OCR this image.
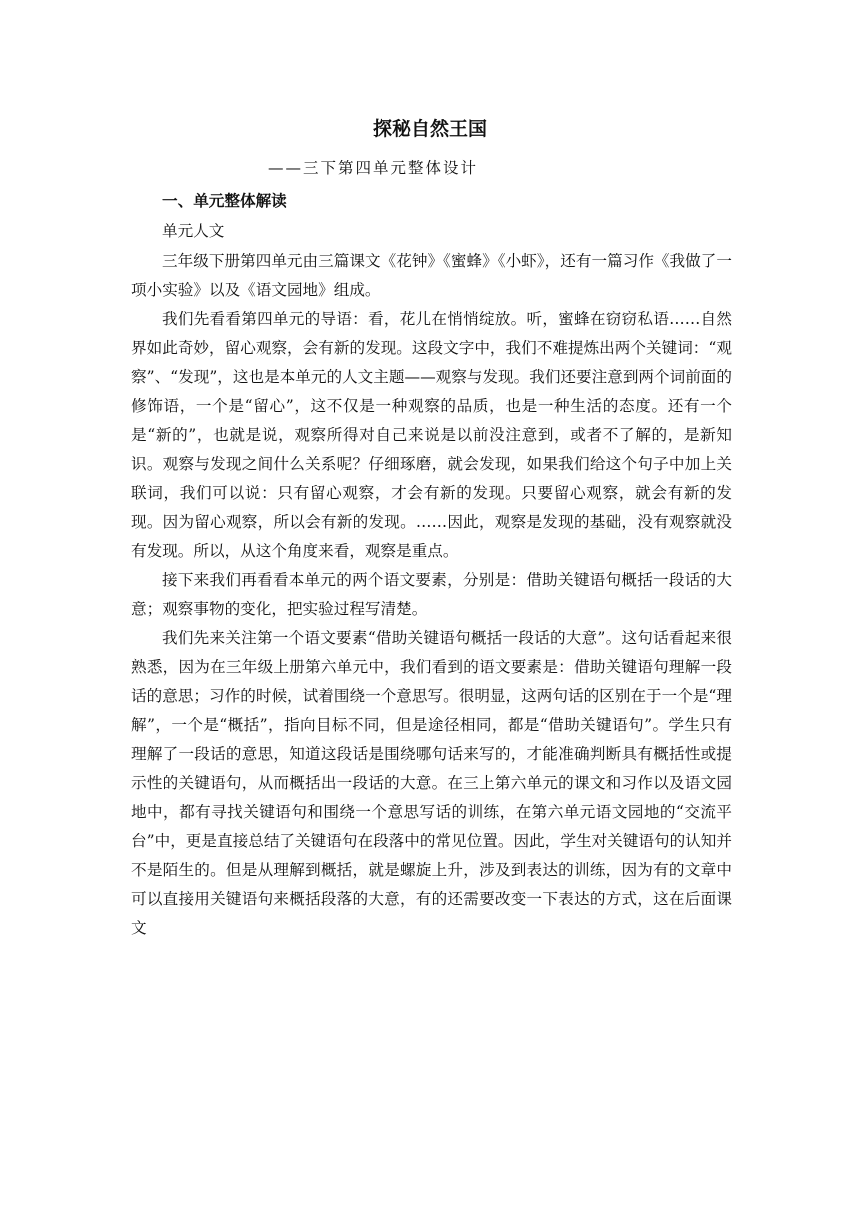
探秘自然王国
——三下第四单元整体设计
一、单元整体解读
单元人文

三年级下册第四单元由三篇课文《花钟》《蜜蜂》《小虾》，还有一篇习作《我做了一项小实验》以及《语文园地》组成。

我们先看看第四单元的导语：看，花儿在悄悄绽放。听，蜜蜂在窃窃私语……自然界如此奇妙，留心观察，会有新的发现。这段文字中，我们不难提炼出两个关键词：“观察”、“发现”，这也是本单元的人文主题——观察与发现。我们还要注意到两个词前面的修饰语，一个是“留心”，这不仅是一种观察的品质，也是一种生活的态度。还有一个是“新的”，也就是说，观察所得对自己来说是以前没注意到，或者不了解的，是新知识。观察与发现之间什么关系呢？仔细琢磨，就会发现，如果我们给这个句子中加上关联词，我们可以说：只有留心观察，才会有新的发现。只要留心观察，就会有新的发现。因为留心观察，所以会有新的发现。……因此，观察是发现的基础，没有观察就没有发现。所以，从这个角度来看，观察是重点。

接下来我们再看看本单元的两个语文要素，分别是：借助关键语句概括一段话的大意；观察事物的变化，把实验过程写清楚。

我们先来关注第一个语文要素“借助关键语句概括一段话的大意”。这句话看起来很熟悉，因为在三年级上册第六单元中，我们看到的语文要素是：借助关键语句理解一段话的意思；习作的时候，试着围绕一个意思写。很明显，这两句话的区别在于一个是“理解”，一个是“概括”，指向目标不同，但是途径相同，都是“借助关键语句”。学生只有理解了一段话的意思，知道这段话是围绕哪句话来写的，才能准确判断具有概括性或提示性的关键语句，从而概括出一段话的大意。在三上第六单元的课文和习作以及语文园地中，都有寻找关键语句和围绕一个意思写话的训练，在第六单元语文园地的“交流平台”中，更是直接总结了关键语句在段落中的常见位置。因此，学生对关键语句的认知并不是陌生的。但是从理解到概括，就是螺旋上升，涉及到表达的训练，因为有的文章中可以直接用关键语句来概括段落的大意，有的还需要改变一下表达的方式，这在后面课文
